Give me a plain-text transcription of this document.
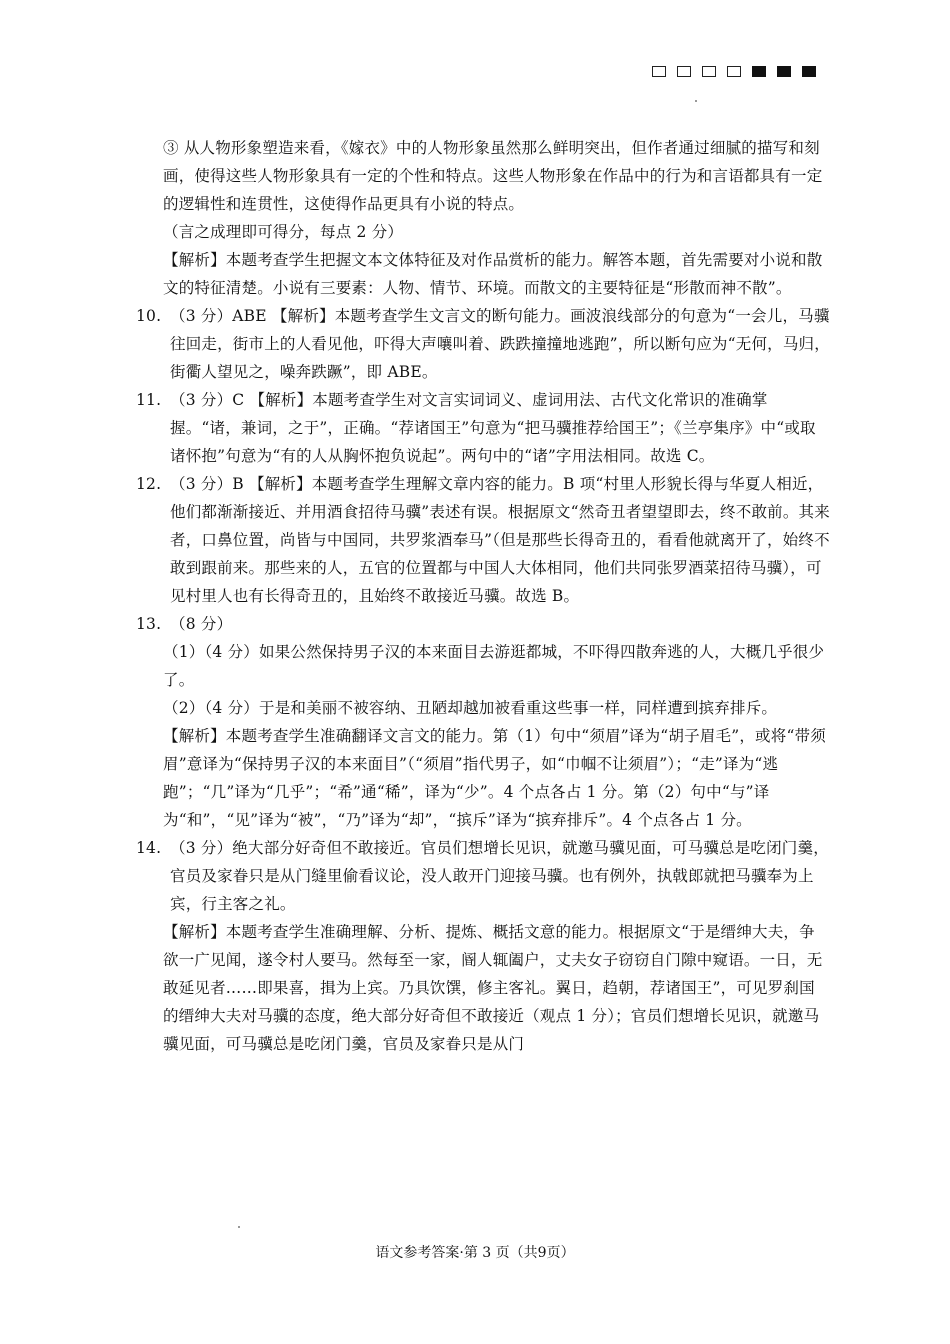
③ 从人物形象塑造来看，《嫁衣》中的人物形象虽然那么鲜明突出，但作者通过细腻的描写和刻画，使得这些人物形象具有一定的个性和特点。这些人物形象在作品中的行为和言语都具有一定的逻辑性和连贯性，这使得作品更具有小说的特点。

（言之成理即可得分，每点 2 分）

【解析】本题考查学生把握文本文体特征及对作品赏析的能力。解答本题，首先需要对小说和散文的特征清楚。小说有三要素：人物、情节、环境。而散文的主要特征是“形散而神不散”。

10. （3 分）ABE 【解析】本题考查学生文言文的断句能力。画波浪线部分的句意为“一会儿，马骥往回走，街市上的人看见他，吓得大声嚷叫着、跌跌撞撞地逃跑”，所以断句应为“无何，马归，街衢人望见之，噪奔跌蹶”，即 ABE。

11. （3 分）C 【解析】本题考查学生对文言实词词义、虚词用法、古代文化常识的准确掌握。“诸，兼词，之于”，正确。“荐诸国王”句意为“把马骥推荐给国王”；《兰亭集序》中“或取诸怀抱”句意为“有的人从胸怀抱负说起”。两句中的“诸”字用法相同。故选 C。

12. （3 分）B 【解析】本题考查学生理解文章内容的能力。B 项“村里人形貌长得与华夏人相近，他们都渐渐接近、并用酒食招待马骥”表述有误。根据原文“然奇丑者望望即去，终不敢前。其来者，口鼻位置，尚皆与中国同，共罗浆酒奉马”（但是那些长得奇丑的，看看他就离开了，始终不敢到跟前来。那些来的人，五官的位置都与中国人大体相同，他们共同张罗酒菜招待马骥），可见村里人也有长得奇丑的，且始终不敢接近马骥。故选 B。

13. （8 分）

（1）（4 分）如果公然保持男子汉的本来面目去游逛都城，不吓得四散奔逃的人，大概几乎很少了。

（2）（4 分）于是和美丽不被容纳、丑陋却越加被看重这些事一样，同样遭到摈弃排斥。

【解析】本题考查学生准确翻译文言文的能力。第（1）句中“须眉”译为“胡子眉毛”，或将“带须眉”意译为“保持男子汉的本来面目”（“须眉”指代男子，如“巾帼不让须眉”）；“走”译为“逃跑”；“几”译为“几乎”；“希”通“稀”，译为“少”。4 个点各占 1 分。第（2）句中“与”译为“和”，“见”译为“被”，“乃”译为“却”，“摈斥”译为“摈弃排斥”。4 个点各占 1 分。

14. （3 分）绝大部分好奇但不敢接近。官员们想增长见识，就邀马骥见面，可马骥总是吃闭门羹，官员及家眷只是从门缝里偷看议论，没人敢开门迎接马骥。也有例外，执戟郎就把马骥奉为上宾，行主客之礼。

【解析】本题考查学生准确理解、分析、提炼、概括文意的能力。根据原文“于是缙绅大夫，争欲一广见闻，遂令村人要马。然每至一家，阍人辄阖户，丈夫女子窃窃自门隙中窥语。一日，无敢延见者……即果喜，揖为上宾。乃具饮馔，修主客礼。翼日，趋朝，荐诸国王”，可见罗刹国的缙绅大夫对马骥的态度，绝大部分好奇但不敢接近（观点 1 分）；官员们想增长见识，就邀马骥见面，可马骥总是吃闭门羹，官员及家眷只是从门

语文参考答案·第 3 页（共9页）
